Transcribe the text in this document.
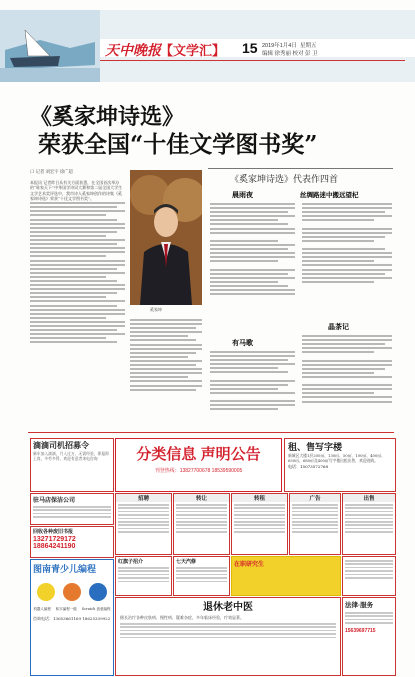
天中晚报 【文学汇】 15 2019年1月4日 星期五
编辑 徐秀丽 校对 彭 卫
《奚家坤诗选》
荣获全国“十佳文学图书奖”
口 记者 刘宏宇 徐广超
本报讯 记者昨日从有关方面获悉，在全国首次举办的“谁家天下”中华国学诗词大赛和第二届全国大学生文学艺术奖评选中，我市诗人奚家坤创作的诗集《奚家坤诗选》荣获“十佳文学图书奖”。
奚家坤
《奚家坤诗选》代表作四首
晨雨夜	丝绸路迷中搬远望杞
有马歌
晶茶记
滴滴司机招募令
新车加入滴滴，月入过万，无需经验，即报即上岗，多劳多得，欢迎有意者来电咨询	分类信息 声明公告
刊登热线：13827700678 18539590005
租、售写字楼
新城区大楼1层200㎡、130㎡、50㎡、100㎡、400㎡、650㎡、680㎡及400㎡写字楼出租出售，欢迎选购。
电话：15073572768
驻马店保洁公司	招聘	转让	转租	广告	出售
回收各种废旧书报
13271729172
18864241190
红旗子招介	七天汽修	在职研究生
图南青少儿编程
机器人编程 积木编程一级 Scratch 创意编程
咨询电话：13653661169 18625339922
退休老中医
擅长治疗各种皮肤病、慢性病、疑难杂症，多年临床经验，疗效显著。
法律·服务
15639697715
